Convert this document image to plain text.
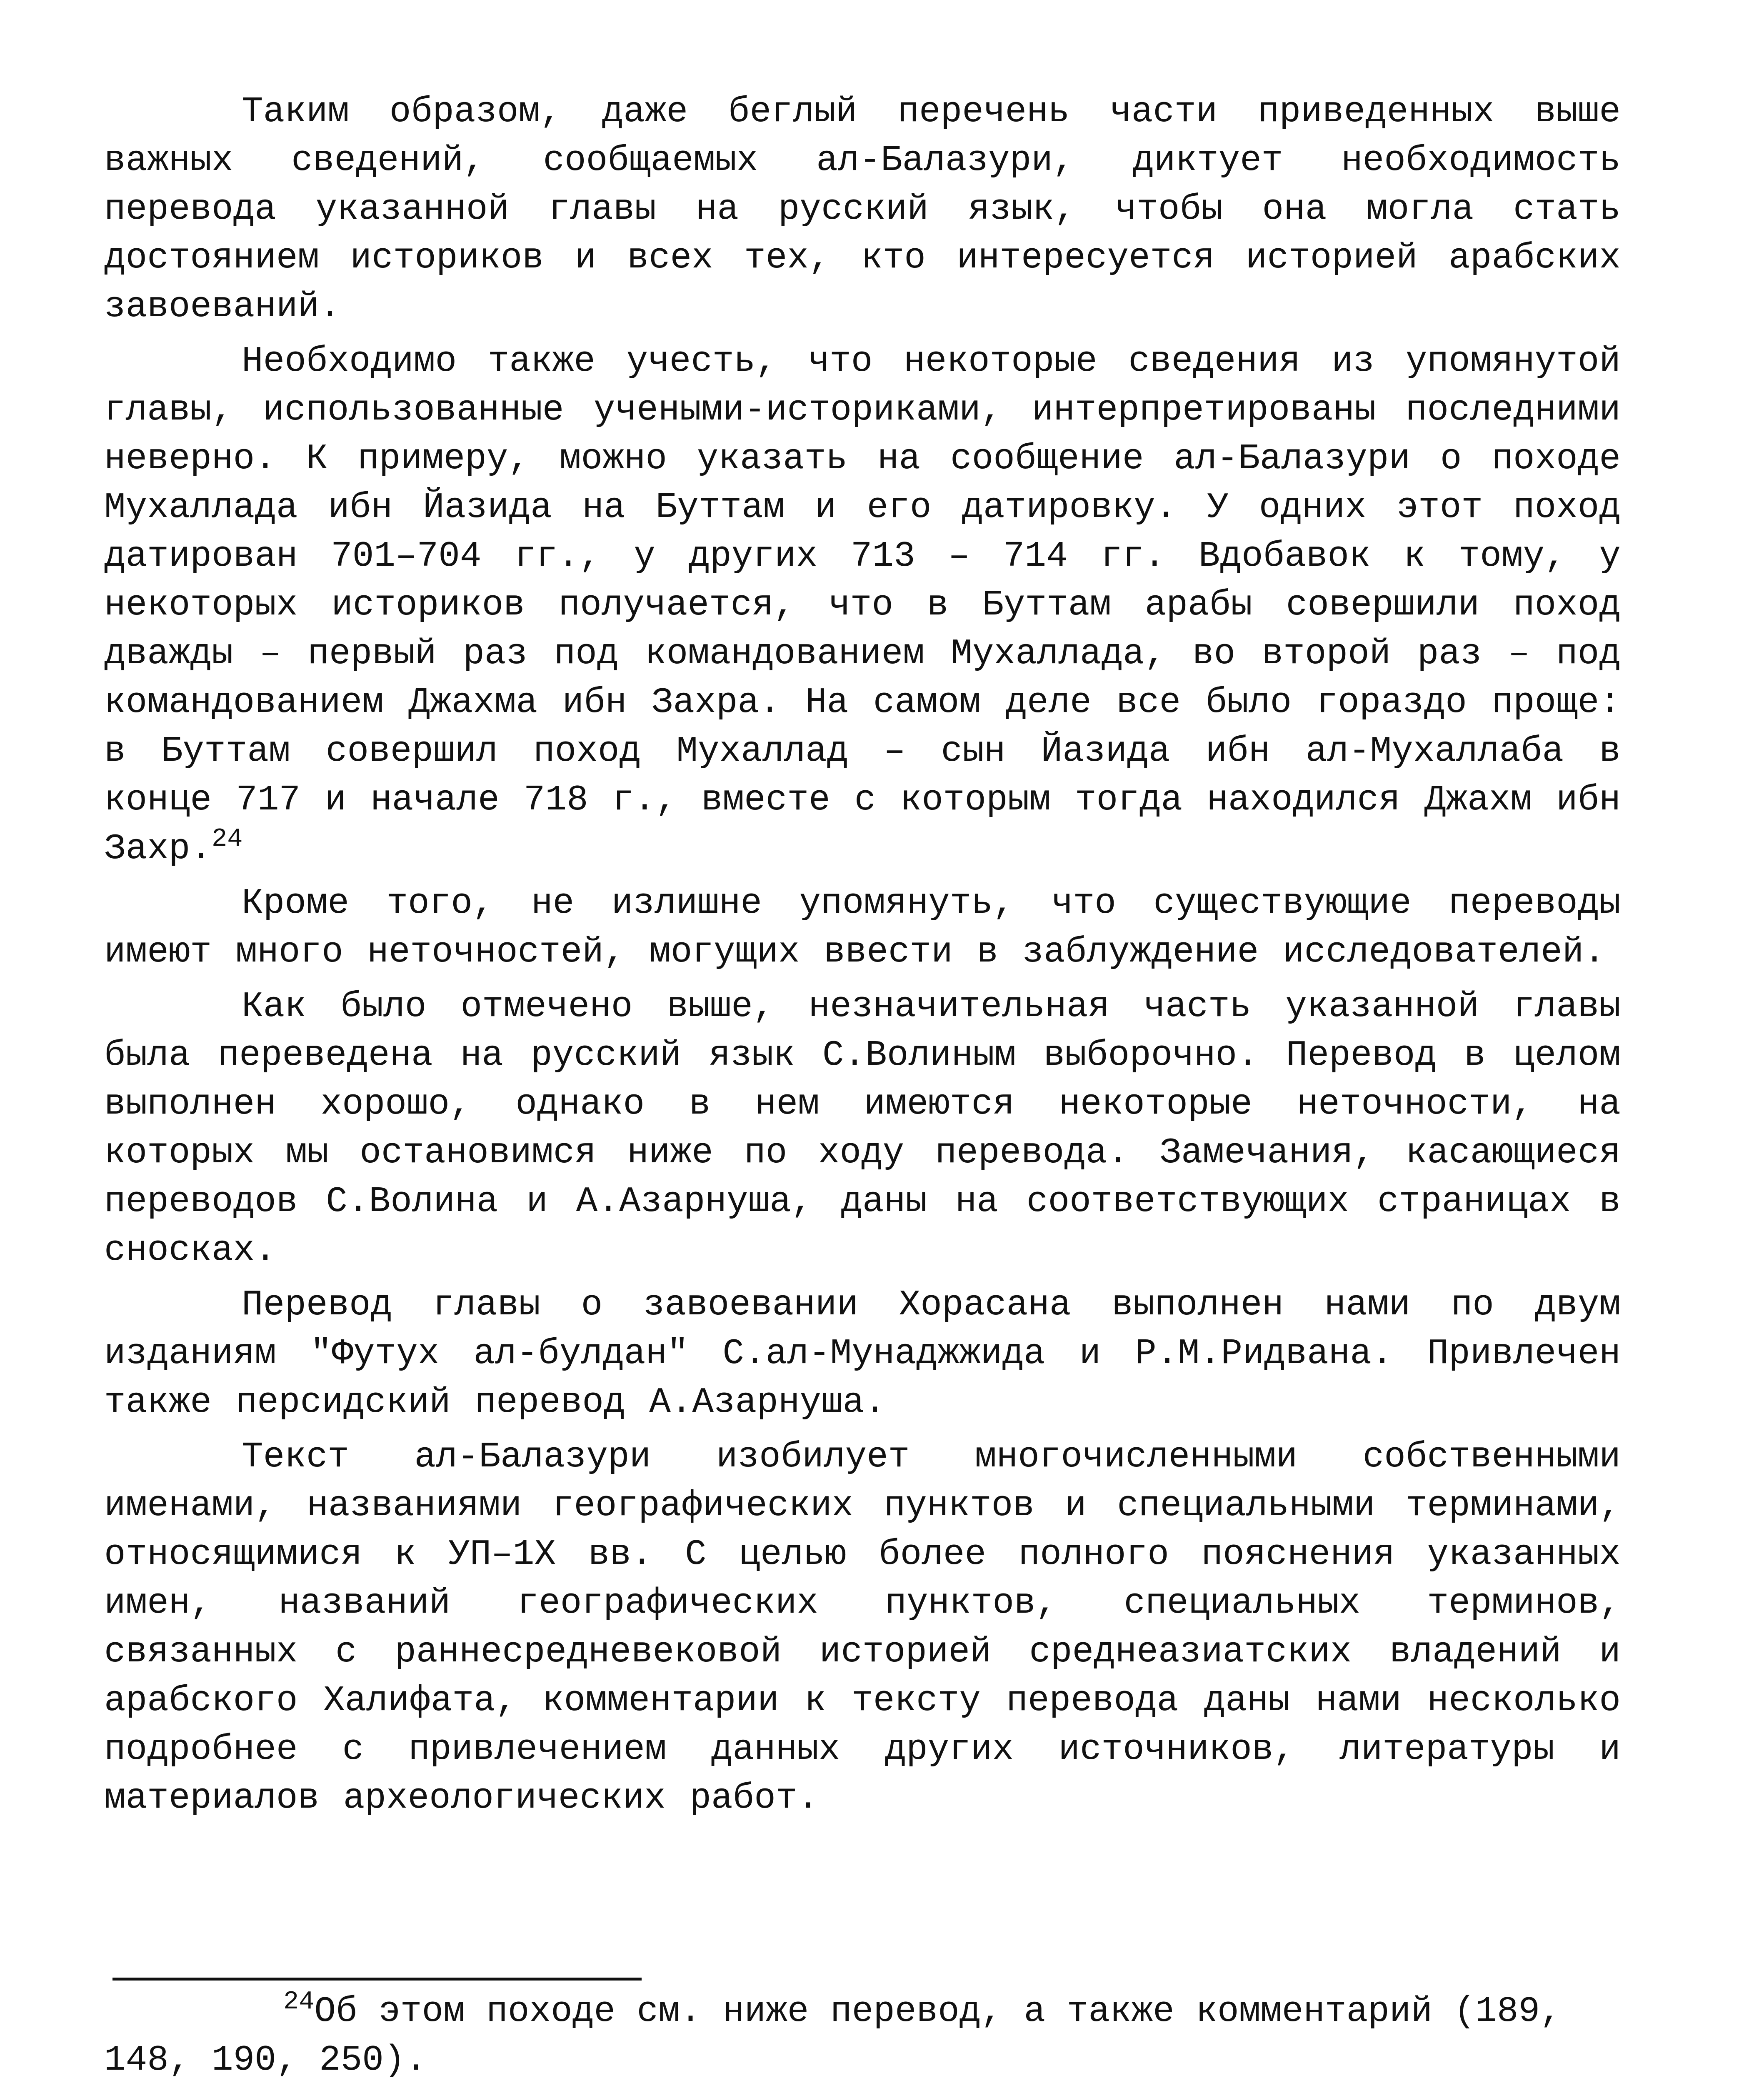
Таким образом, даже беглый перечень части приведенных выше важных сведений, сообщаемых ал-Балазури, диктует необходимость перевода указанной главы на русский язык, чтобы она могла стать достоянием историков и всех тех, кто интересуется историей арабских завоеваний.

Необходимо также учесть, что некоторые сведения из упомянутой главы, использованные учеными-историками, интерпретированы последними неверно. К примеру, можно указать на сообщение ал-Балазури о походе Мухаллада ибн Йазида на Буттам и его датировку. У одних этот поход датирован 701–704 гг., у других 713 – 714 гг. Вдобавок к тому, у некоторых историков получается, что в Буттам арабы совершили поход дважды – первый раз под командованием Мухаллада, во второй раз – под командованием Джахма ибн Захра. На самом деле все было гораздо проще: в Буттам совершил поход Мухаллад – сын Йазида ибн ал-Мухаллаба в конце 717 и начале 718 г., вместе с которым тогда находился Джахм ибн Захр.$^{24}$

Кроме того, не излишне упомянуть, что существующие переводы имеют много неточностей, могущих ввести в заблуждение исследователей.

Как было отмечено выше, незначительная часть указанной главы была переведена на русский язык С.Волиным выборочно. Перевод в целом выполнен хорошо, однако в нем имеются некоторые неточности, на которых мы остановимся ниже по ходу перевода. Замечания, касающиеся переводов С.Волина и А.Азарнуша, даны на соответствующих страницах в сносках.

Перевод главы о завоевании Хорасана выполнен нами по двум изданиям "Футух ал-булдан" С.ал-Мунаджжида и Р.М.Ридвана. Привлечен также персидский перевод А.Азарнуша.

Текст ал-Балазури изобилует многочисленными собственными именами, названиями географических пунктов и специальными терминами, относящимися к УП–1Х вв. С целью более полного пояснения указанных имен, названий географических пунктов, специальных терминов, связанных с раннесредневековой историей среднеазиатских владений и арабского Халифата, комментарии к тексту перевода даны нами несколько подробнее с привлечением данных других источников, литературы и материалов археологических работ.

$^{24}$Об этом походе см. ниже перевод, а также комментарий (189, 148, 190, 250).
